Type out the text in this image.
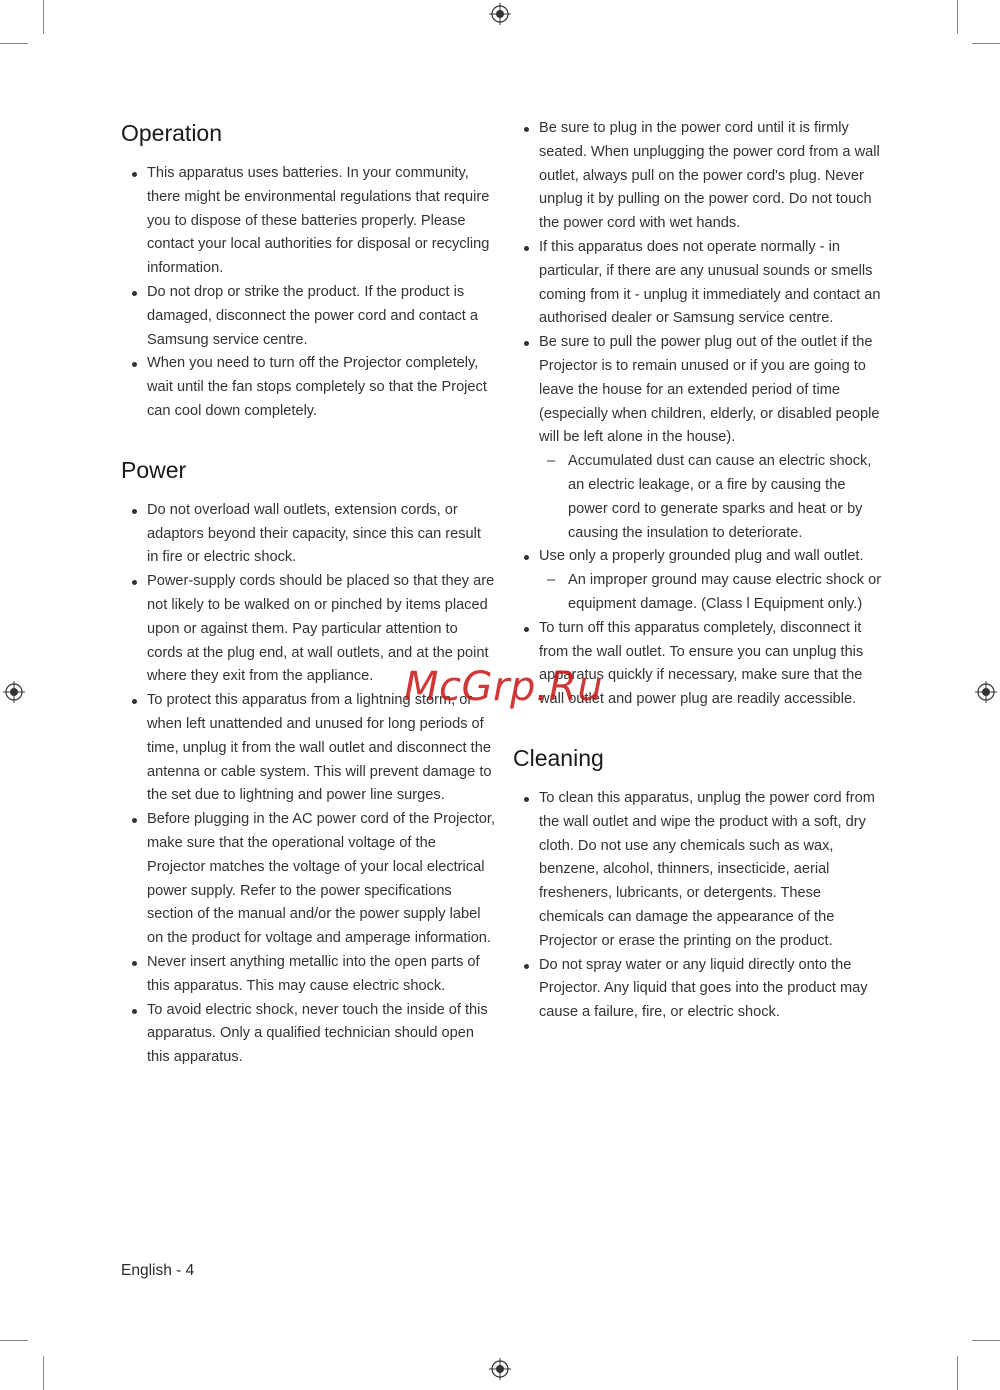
Operation
This apparatus uses batteries. In your community, there might be environmental regulations that require you to dispose of these batteries properly. Please contact your local authorities for disposal or recycling information.
Do not drop or strike the product. If the product is damaged, disconnect the power cord and contact a Samsung service centre.
When you need to turn off the Projector completely, wait until the fan stops completely so that the Project can cool down completely.
Power
Do not overload wall outlets, extension cords, or adaptors beyond their capacity, since this can result in fire or electric shock.
Power-supply cords should be placed so that they are not likely to be walked on or pinched by items placed upon or against them. Pay particular attention to cords at the plug end, at wall outlets, and at the point where they exit from the appliance.
To protect this apparatus from a lightning storm, or when left unattended and unused for long periods of time, unplug it from the wall outlet and disconnect the antenna or cable system. This will prevent damage to the set due to lightning and power line surges.
Before plugging in the AC power cord of the Projector, make sure that the operational voltage of the Projector matches the voltage of your local electrical power supply. Refer to the power specifications section of the manual and/or the power supply label on the product for voltage and amperage information.
Never insert anything metallic into the open parts of this apparatus. This may cause electric shock.
To avoid electric shock, never touch the inside of this apparatus. Only a qualified technician should open this apparatus.
Be sure to plug in the power cord until it is firmly seated. When unplugging the power cord from a wall outlet, always pull on the power cord's plug. Never unplug it by pulling on the power cord. Do not touch the power cord with wet hands.
If this apparatus does not operate normally - in particular, if there are any unusual sounds or smells coming from it - unplug it immediately and contact an authorised dealer or Samsung service centre.
Be sure to pull the power plug out of the outlet if the Projector is to remain unused or if you are going to leave the house for an extended period of time (especially when children, elderly, or disabled people will be left alone in the house).
– Accumulated dust can cause an electric shock, an electric leakage, or a fire by causing the power cord to generate sparks and heat or by causing the insulation to deteriorate.
Use only a properly grounded plug and wall outlet.
– An improper ground may cause electric shock or equipment damage. (Class l Equipment only.)
To turn off this apparatus completely, disconnect it from the wall outlet. To ensure you can unplug this apparatus quickly if necessary, make sure that the wall outlet and power plug are readily accessible.
Cleaning
To clean this apparatus, unplug the power cord from the wall outlet and wipe the product with a soft, dry cloth. Do not use any chemicals such as wax, benzene, alcohol, thinners, insecticide, aerial fresheners, lubricants, or detergents. These chemicals can damage the appearance of the Projector or erase the printing on the product.
Do not spray water or any liquid directly onto the Projector. Any liquid that goes into the product may cause a failure, fire, or electric shock.
McGrp.Ru
English - 4
